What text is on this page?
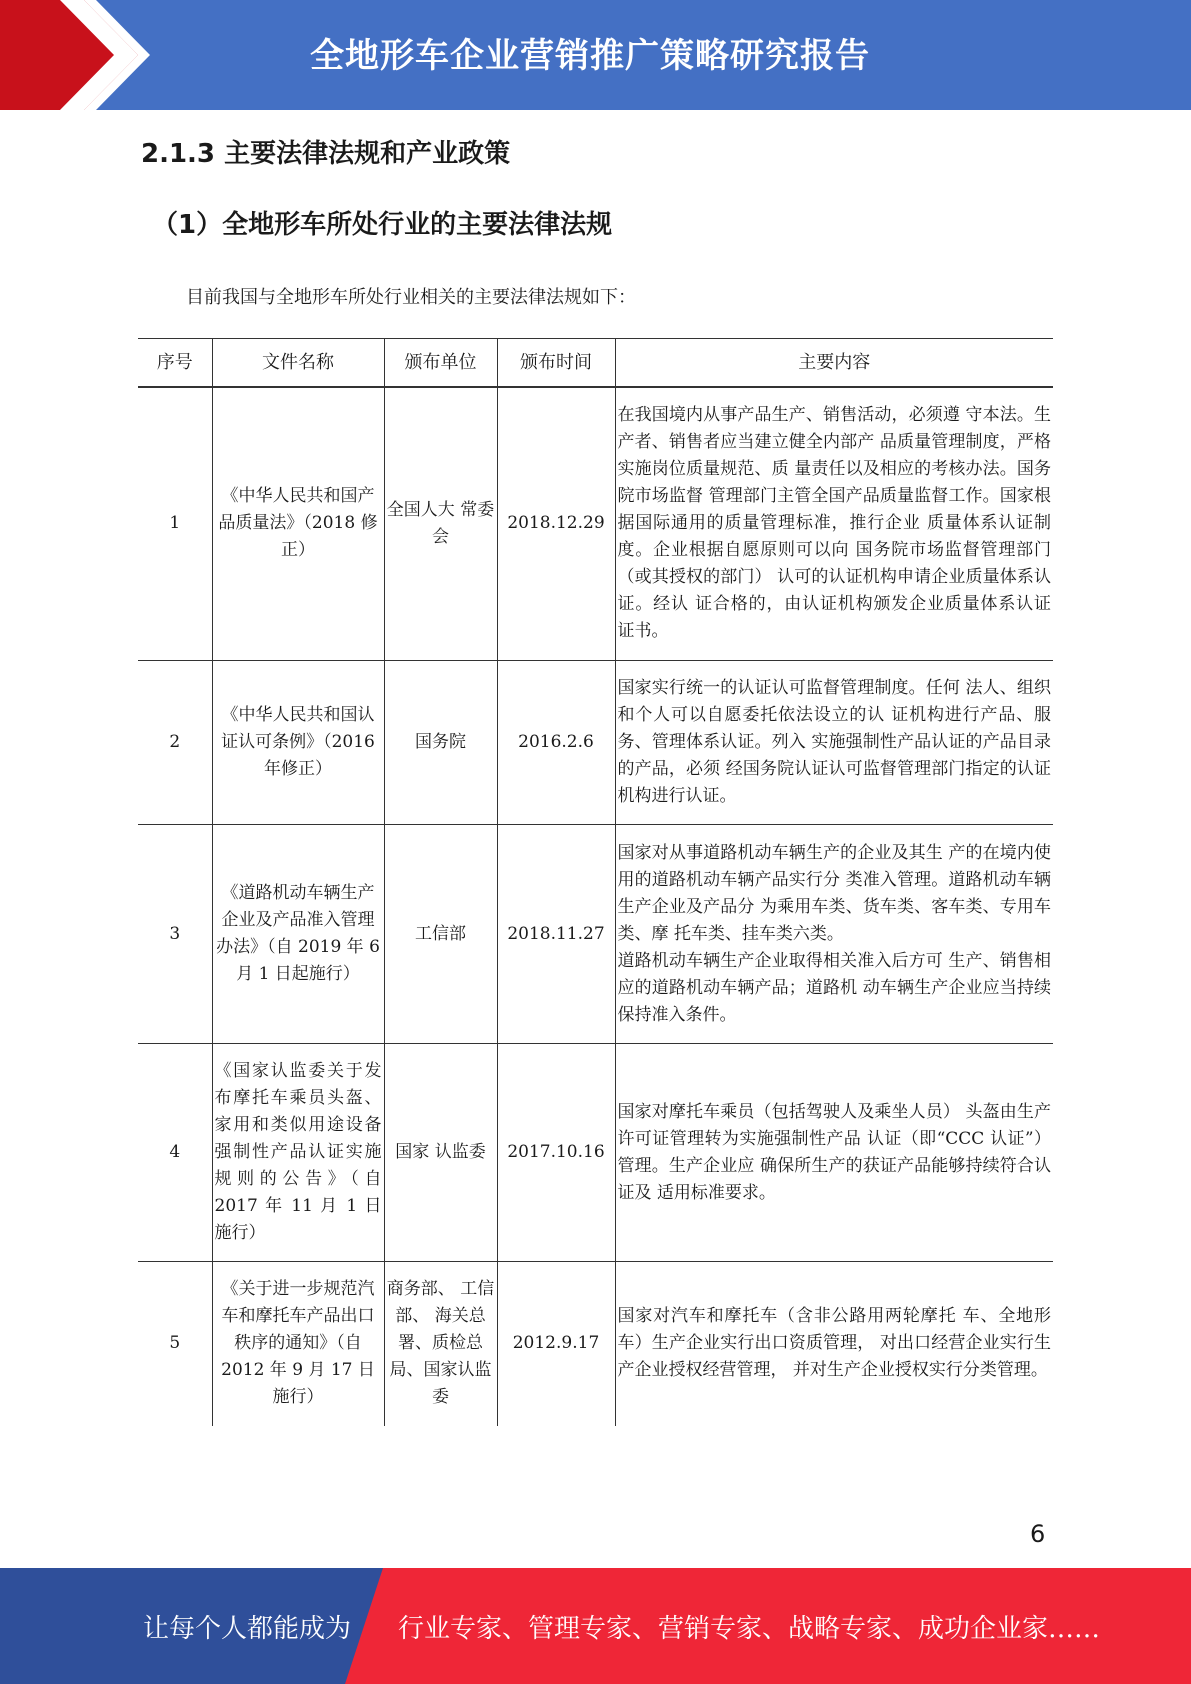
全地形车企业营销推广策略研究报告
2.1.3 主要法律法规和产业政策
（1）全地形车所处行业的主要法律法规
目前我国与全地形车所处行业相关的主要法律法规如下：
序号	文件名称	颁布单位	颁布时间	主要内容
1	《中华人民共和国产品质量法》（2018 修正）	全国人大 常委会	2018.12.29	在我国境内从事产品生产、销售活动，必须遵 守本法。生产者、销售者应当建立健全内部产 品质量管理制度，严格实施岗位质量规范、质 量责任以及相应的考核办法。国务院市场监督 管理部门主管全国产品质量监督工作。国家根据国际通用的质量管理标准，推行企业 质量体系认证制度。企业根据自愿原则可以向 国务院市场监督管理部门（或其授权的部门） 认可的认证机构申请企业质量体系认证。经认 证合格的，由认证机构颁发企业质量体系认证 证书。
2	《中华人民共和国认证认可条例》（2016 年修正）	国务院	2016.2.6	国家实行统一的认证认可监督管理制度。任何 法人、组织和个人可以自愿委托依法设立的认 证机构进行产品、服务、管理体系认证。列入 实施强制性产品认证的产品目录的产品，必须 经国务院认证认可监督管理部门指定的认证 机构进行认证。
3	《道路机动车辆生产企业及产品准入管理办法》（自 2019 年 6 月 1 日起施行）	工信部	2018.11.27	国家对从事道路机动车辆生产的企业及其生 产的在境内使用的道路机动车辆产品实行分 类准入管理。道路机动车辆生产企业及产品分 为乘用车类、货车类、客车类、专用车类、摩 托车类、挂车类六类。
道路机动车辆生产企业取得相关准入后方可 生产、销售相应的道路机动车辆产品；道路机 动车辆生产企业应当持续保持准入条件。

4	《国家认监委关于发布摩托车乘员头盔、家用和类似用途设备强制性产品认证实施规则的公告》（自 2017 年 11 月 1 日施行）	国家 认监委	2017.10.16	国家对摩托车乘员（包括驾驶人及乘坐人员） 头盔由生产许可证管理转为实施强制性产品 认证（即“CCC 认证”）管理。生产企业应 确保所生产的获证产品能够持续符合认证及 适用标准要求。
5	《关于进一步规范汽车和摩托车产品出口秩序的通知》（自 2012 年 9 月 17 日施行）	商务部、 工信部、 海关总署、质检总局、国家认监委	2012.9.17	国家对汽车和摩托车（含非公路用两轮摩托 车、全地形车）生产企业实行出口资质管理， 对出口经营企业实行生产企业授权经营管理， 并对生产企业授权实行分类管理。
6
让每个人都能成为 行业专家、管理专家、营销专家、战略专家、成功企业家……
